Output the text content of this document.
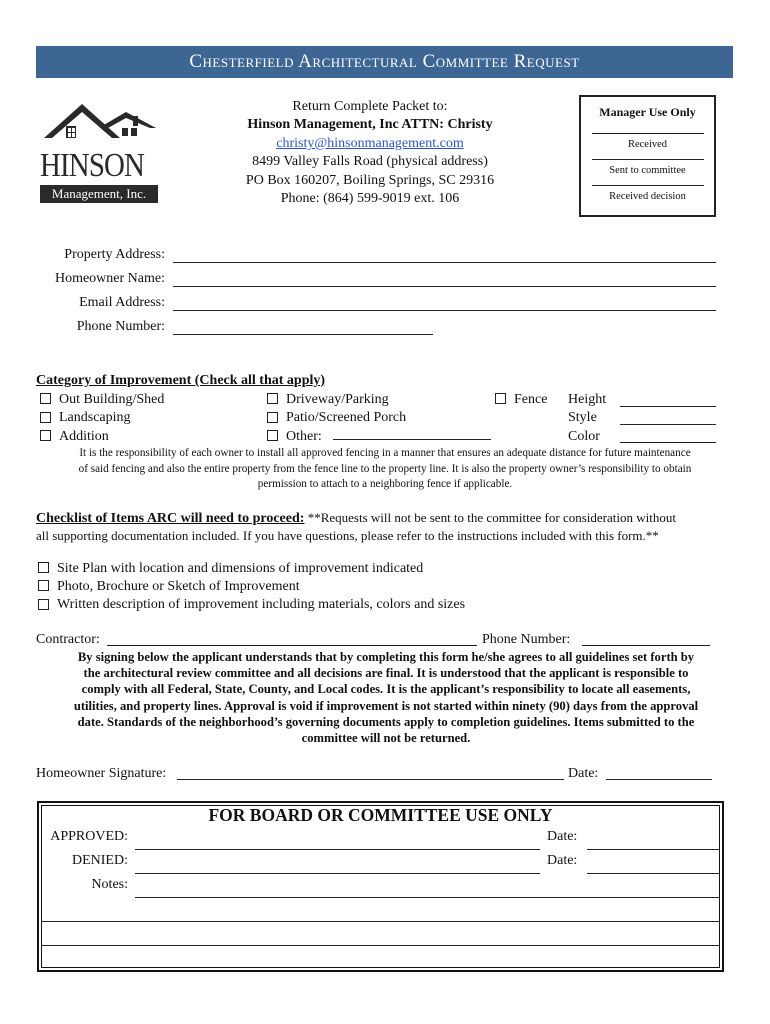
Chesterfield Architectural Committee Request
HINSON
Management, Inc.
Return Complete Packet to:
Hinson Management, Inc ATTN: Christy
christy@hinsonmanagement.com
8499 Valley Falls Road (physical address)
PO Box 160207, Boiling Springs, SC 29316
Phone: (864) 599-9019 ext. 106
Manager Use Only
Received
Sent to committee
Received decision
Property Address:
Homeowner Name:
Email Address:
Phone Number:
Category of Improvement (Check all that apply)
Out Building/Shed
Landscaping
Addition
Driveway/Parking
Patio/Screened Porch
Other:
Fence Height
Style
Color
It is the responsibility of each owner to install all approved fencing in a manner that ensures an adequate distance for future maintenance
of said fencing and also the entire property from the fence line to the property line. It is also the property owner’s responsibility to obtain
permission to attach to a neighboring fence if applicable.
Checklist of Items ARC will need to proceed: **Requests will not be sent to the committee for consideration without
all supporting documentation included. If you have questions, please refer to the instructions included with this form.**
Site Plan with location and dimensions of improvement indicated
Photo, Brochure or Sketch of Improvement
Written description of improvement including materials, colors and sizes
Contractor:	Phone Number:
By signing below the applicant understands that by completing this form he/she agrees to all guidelines set forth by
the architectural review committee and all decisions are final. It is understood that the applicant is responsible to
comply with all Federal, State, County, and Local codes. It is the applicant’s responsibility to locate all easements,
utilities, and property lines. Approval is void if improvement is not started within ninety (90) days from the approval
date. Standards of the neighborhood’s governing documents apply to completion guidelines. Items submitted to the
committee will not be returned.
Homeowner Signature:	Date:
FOR BOARD OR COMMITTEE USE ONLY
APPROVED:	Date:
DENIED:	Date:
Notes:
